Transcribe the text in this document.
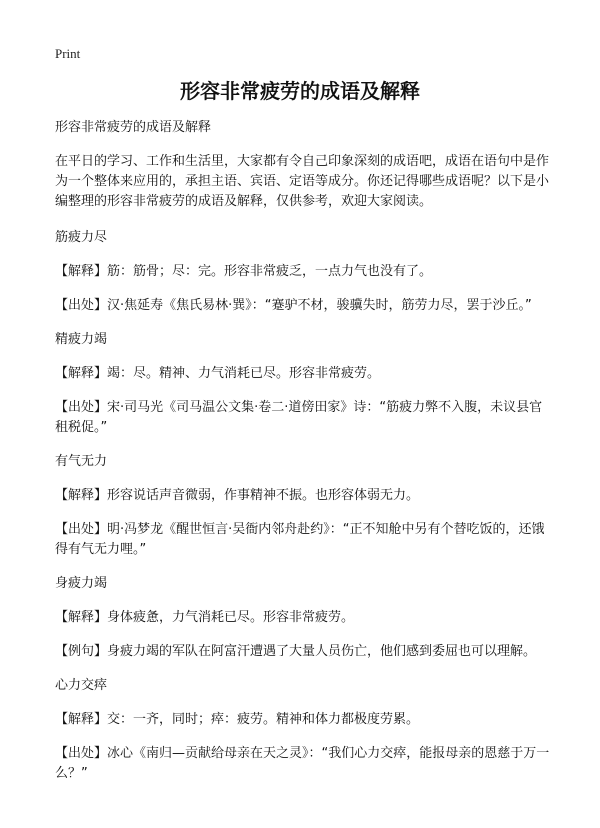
Print
形容非常疲劳的成语及解释

形容非常疲劳的成语及解释

在平日的学习、工作和生活里，大家都有令自己印象深刻的成语吧，成语在语句中是作为一个整体来应用的，承担主语、宾语、定语等成分。你还记得哪些成语呢？以下是小编整理的形容非常疲劳的成语及解释，仅供参考，欢迎大家阅读。

筋疲力尽

【解释】筋：筋骨；尽：完。形容非常疲乏，一点力气也没有了。

【出处】汉·焦延寿《焦氏易林·巽》：“蹇驴不材，骏骥失时，筋劳力尽，罢于沙丘。”

精疲力竭

【解释】竭：尽。精神、力气消耗已尽。形容非常疲劳。

【出处】宋·司马光《司马温公文集·卷二·道傍田家》诗：“筋疲力弊不入腹，未议县官租税促。”

有气无力

【解释】形容说话声音微弱，作事精神不振。也形容体弱无力。

【出处】明·冯梦龙《醒世恒言·吴衙内邻舟赴约》：“正不知舱中另有个替吃饭的，还饿得有气无力哩。”

身疲力竭

【解释】身体疲惫，力气消耗已尽。形容非常疲劳。

【例句】身疲力竭的军队在阿富汗遭遇了大量人员伤亡，他们感到委屈也可以理解。

心力交瘁

【解释】交：一齐，同时；瘁：疲劳。精神和体力都极度劳累。

【出处】冰心《南归—贡献给母亲在天之灵》：“我们心力交瘁，能报母亲的恩慈于万一么？”
